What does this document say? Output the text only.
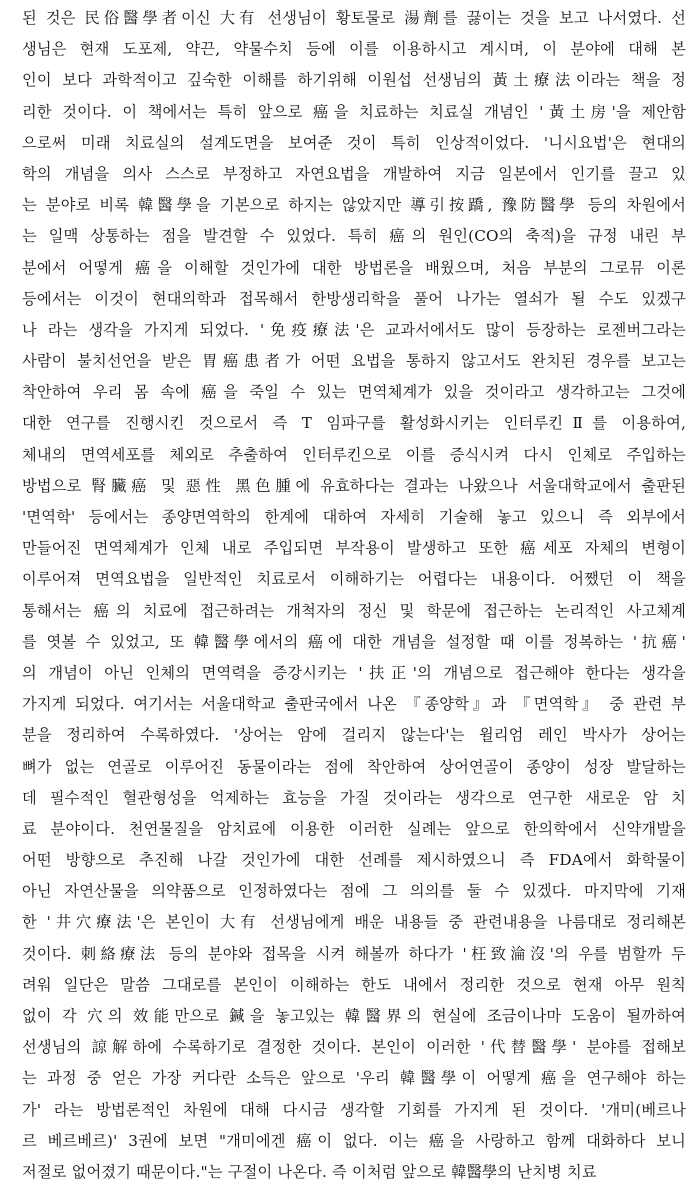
된 것은 民俗醫學者이신 大有 선생님이 황토물로 湯劑를 끓이는 것을 보고 나서였다. 선
생님은 현재 도포제, 약끈, 약물수치 등에 이를 이용하시고 계시며, 이 분야에 대해 본
인이 보다 과학적이고 깊숙한 이해를 하기위해 이원섭 선생님의 黃土療法이라는 책을 정
리한 것이다. 이 책에서는 특히 앞으로 癌을 치료하는 치료실 개념인 '黃土房'을 제안함
으로써 미래 치료실의 설계도면을 보여준 것이 특히 인상적이었다. '니시요법'은 현대의
학의 개념을 의사 스스로 부정하고 자연요법을 개발하여 지금 일본에서 인기를 끌고 있
는 분야로 비록 韓醫學을 기본으로 하지는 않았지만 導引按蹻, 豫防醫學 등의 차원에서
는 일맥 상통하는 점을 발견할 수 있었다. 특히 癌의 원인(CO의 축적)을 규정 내린 부
분에서 어떻게 癌을 이해할 것인가에 대한 방법론을 배웠으며, 처음 부분의 그로뮤 이론
등에서는 이것이 현대의학과 접목해서 한방생리학을 풀어 나가는 열쇠가 될 수도 있겠구
나 라는 생각을 가지게 되었다. '免疫療法'은 교과서에서도 많이 등장하는 로젠버그라는
사람이 불치선언을 받은 胃癌患者가 어떤 요법을 통하지 않고서도 완치된 경우를 보고는
착안하여 우리 몸 속에 癌을 죽일 수 있는 면역체계가 있을 것이라고 생각하고는 그것에
대한 연구를 진행시킨 것으로서 즉 T 임파구를 활성화시키는 인터루킨Ⅱ를 이용하여,
체내의 면역세포를 체외로 추출하여 인터루킨으로 이를 증식시켜 다시 인체로 주입하는
방법으로 腎臟癌 및 惡性 黑色腫에 유효하다는 결과는 나왔으나 서울대학교에서 출판된
'면역학' 등에서는 종양면역학의 한계에 대하여 자세히 기술해 놓고 있으니 즉 외부에서
만들어진 면역체계가 인체 내로 주입되면 부작용이 발생하고 또한 癌세포 자체의 변형이
이루어져 면역요법을 일반적인 치료로서 이해하기는 어렵다는 내용이다. 어쨌던 이 책을
통해서는 癌의 치료에 접근하려는 개척자의 정신 및 학문에 접근하는 논리적인 사고체계
를 엿볼 수 있었고, 또 韓醫學에서의 癌에 대한 개념을 설정할 때 이를 정복하는 '抗癌'
의 개념이 아닌 인체의 면역력을 증강시키는 '扶正'의 개념으로 접근해야 한다는 생각을
가지게 되었다. 여기서는 서울대학교 출판국에서 나온 『종양학』과 『면역학』 중 관련 부
분을 정리하여 수록하였다. '상어는 암에 걸리지 않는다'는 윌리엄 레인 박사가 상어는
뼈가 없는 연골로 이루어진 동물이라는 점에 착안하여 상어연골이 종양이 성장 발달하는
데 필수적인 혈관형성을 억제하는 효능을 가질 것이라는 생각으로 연구한 새로운 암 치
료 분야이다. 천연물질을 암치료에 이용한 이러한 실례는 앞으로 한의학에서 신약개발을
어떤 방향으로 추진해 나갈 것인가에 대한 선례를 제시하였으니 즉 FDA에서 화학물이
아닌 자연산물을 의약품으로 인정하였다는 점에 그 의의를 둘 수 있겠다. 마지막에 기재
한 '井穴療法'은 본인이 大有 선생님에게 배운 내용들 중 관련내용을 나름대로 정리해본
것이다. 刺絡療法 등의 분야와 접목을 시켜 해볼까 하다가 '枉致淪沒'의 우를 범할까 두
려워 일단은 말씀 그대로를 본인이 이해하는 한도 내에서 정리한 것으로 현재 아무 원칙
없이 각 穴의 效能만으로 鍼을 놓고있는 韓醫界의 현실에 조금이나마 도움이 될까하여
선생님의 諒解하에 수록하기로 결정한 것이다. 본인이 이러한 '代替醫學' 분야를 접해보
는 과정 중 얻은 가장 커다란 소득은 앞으로 '우리 韓醫學이 어떻게 癌을 연구해야 하는
가' 라는 방법론적인 차원에 대해 다시금 생각할 기회를 가지게 된 것이다. '개미(베르나
르 베르베르)' 3권에 보면 "개미에겐 癌이 없다. 이는 癌을 사랑하고 함께 대화하다 보니
저절로 없어졌기 때문이다."는 구절이 나온다. 즉 이처럼 앞으로 韓醫學의 난치병 치료
